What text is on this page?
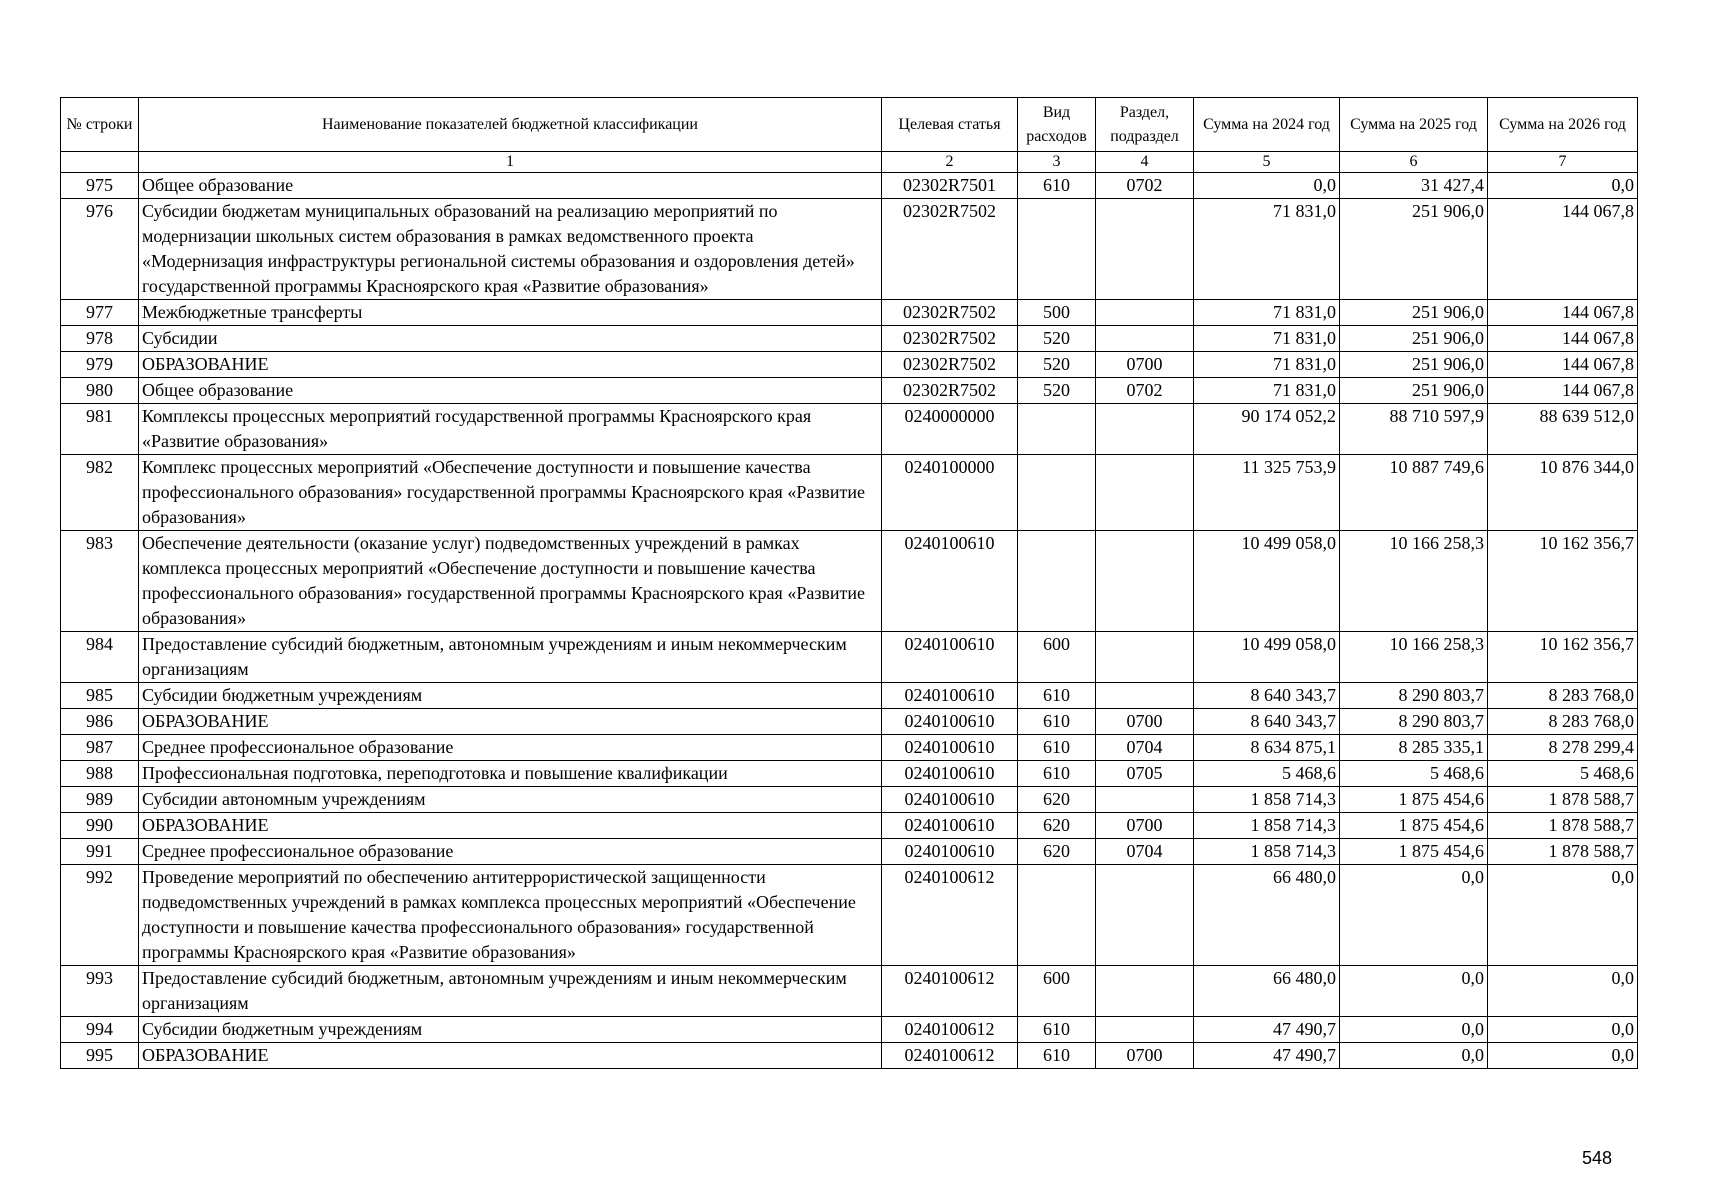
№ строки	Наименование показателей бюджетной классификации	Целевая статья	Вид расходов	Раздел, подраздел	Сумма на 2024 год	Сумма на 2025 год	Сумма на 2026 год
	1	2	3	4	5	6	7
975	Общее образование	02302R7501	610	0702	0,0	31 427,4	0,0
976	Субсидии бюджетам муниципальных образований на реализацию мероприятий по модернизации школьных систем образования в рамках ведомственного проекта «Модернизация инфраструктуры региональной системы образования и оздоровления детей» государственной программы Красноярского края «Развитие образования»	02302R7502			71 831,0	251 906,0	144 067,8
977	Межбюджетные трансферты	02302R7502	500		71 831,0	251 906,0	144 067,8
978	Субсидии	02302R7502	520		71 831,0	251 906,0	144 067,8
979	ОБРАЗОВАНИЕ	02302R7502	520	0700	71 831,0	251 906,0	144 067,8
980	Общее образование	02302R7502	520	0702	71 831,0	251 906,0	144 067,8
981	Комплексы процессных мероприятий государственной программы Красноярского края «Развитие образования»	0240000000			90 174 052,2	88 710 597,9	88 639 512,0
982	Комплекс процессных мероприятий «Обеспечение доступности и повышение качества профессионального образования» государственной программы Красноярского края «Развитие образования»	0240100000			11 325 753,9	10 887 749,6	10 876 344,0
983	Обеспечение деятельности (оказание услуг) подведомственных учреждений в рамках комплекса процессных мероприятий «Обеспечение доступности и повышение качества профессионального образования» государственной программы Красноярского края «Развитие образования»	0240100610			10 499 058,0	10 166 258,3	10 162 356,7
984	Предоставление субсидий бюджетным, автономным учреждениям и иным некоммерческим организациям	0240100610	600		10 499 058,0	10 166 258,3	10 162 356,7
985	Субсидии бюджетным учреждениям	0240100610	610		8 640 343,7	8 290 803,7	8 283 768,0
986	ОБРАЗОВАНИЕ	0240100610	610	0700	8 640 343,7	8 290 803,7	8 283 768,0
987	Среднее профессиональное образование	0240100610	610	0704	8 634 875,1	8 285 335,1	8 278 299,4
988	Профессиональная подготовка, переподготовка и повышение квалификации	0240100610	610	0705	5 468,6	5 468,6	5 468,6
989	Субсидии автономным учреждениям	0240100610	620		1 858 714,3	1 875 454,6	1 878 588,7
990	ОБРАЗОВАНИЕ	0240100610	620	0700	1 858 714,3	1 875 454,6	1 878 588,7
991	Среднее профессиональное образование	0240100610	620	0704	1 858 714,3	1 875 454,6	1 878 588,7
992	Проведение мероприятий по обеспечению антитеррористической защищенности подведомственных учреждений в рамках комплекса процессных мероприятий «Обеспечение доступности и повышение качества профессионального образования» государственной программы Красноярского края «Развитие образования»	0240100612			66 480,0	0,0	0,0
993	Предоставление субсидий бюджетным, автономным учреждениям и иным некоммерческим организациям	0240100612	600		66 480,0	0,0	0,0
994	Субсидии бюджетным учреждениям	0240100612	610		47 490,7	0,0	0,0
995	ОБРАЗОВАНИЕ	0240100612	610	0700	47 490,7	0,0	0,0
548
